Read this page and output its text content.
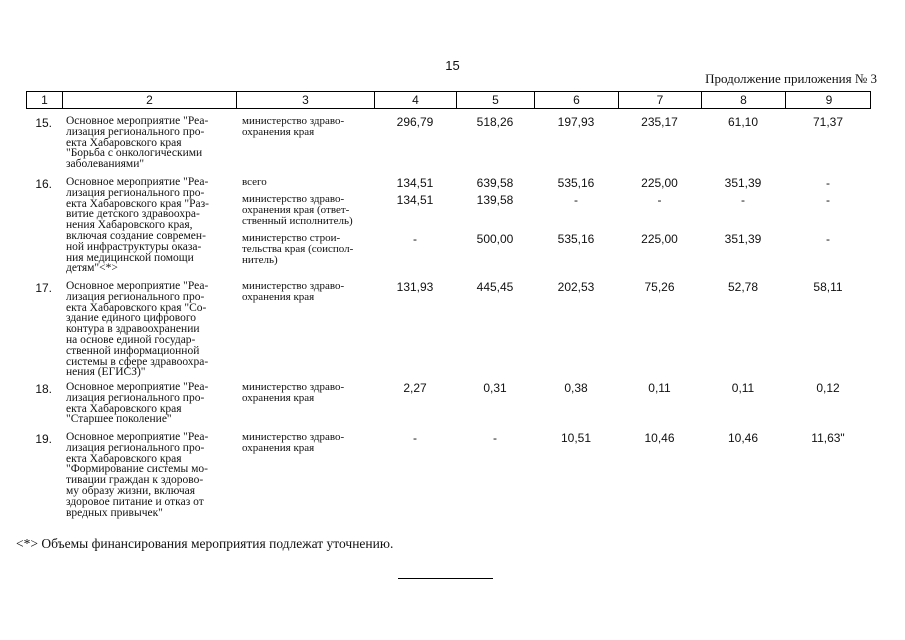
15
Продолжение приложения № 3
1	2	3	4	5	6	7	8	9
15. Основное мероприятие "Реа-
лизация регионального про-
екта Хабаровского края
"Борьба с онкологическими
заболеваниями"
министерство здраво-
охранения края
296,79	518,26	197,93	235,17	61,10	71,37
16. Основное мероприятие "Реа-
лизация регионального про-
екта Хабаровского края "Раз-
витие детского здравоохра-
нения Хабаровского края,
включая создание современ-
ной инфраструктуры оказа-
ния медицинской помощи
детям"<*>
всего	134,51	639,58	535,16	225,00	351,39	-
министерство здраво-
охранения края (ответ-
ственный исполнитель)
134,51	139,58	-	-	-	-
министерство строи-
тельства края (соиспол-
нитель)
-	500,00	535,16	225,00	351,39	-
17. Основное мероприятие "Реа-
лизация регионального про-
екта Хабаровского края "Со-
здание единого цифрового
контура в здравоохранении
на основе единой государ-
ственной информационной
системы в сфере здравоохра-
нения (ЕГИСЗ)"
министерство здраво-
охранения края
131,93	445,45	202,53	75,26	52,78	58,11
18. Основное мероприятие "Реа-
лизация регионального про-
екта Хабаровского края
"Старшее поколение"
министерство здраво-
охранения края
2,27	0,31	0,38	0,11	0,11	0,12
19. Основное мероприятие "Реа-
лизация регионального про-
екта Хабаровского края
"Формирование системы мо-
тивации граждан к здорово-
му образу жизни, включая
здоровое питание и отказ от
вредных привычек"
министерство здраво-
охранения края
-	-	10,51	10,46	10,46	11,63"
<*> Объемы финансирования мероприятия подлежат уточнению.
